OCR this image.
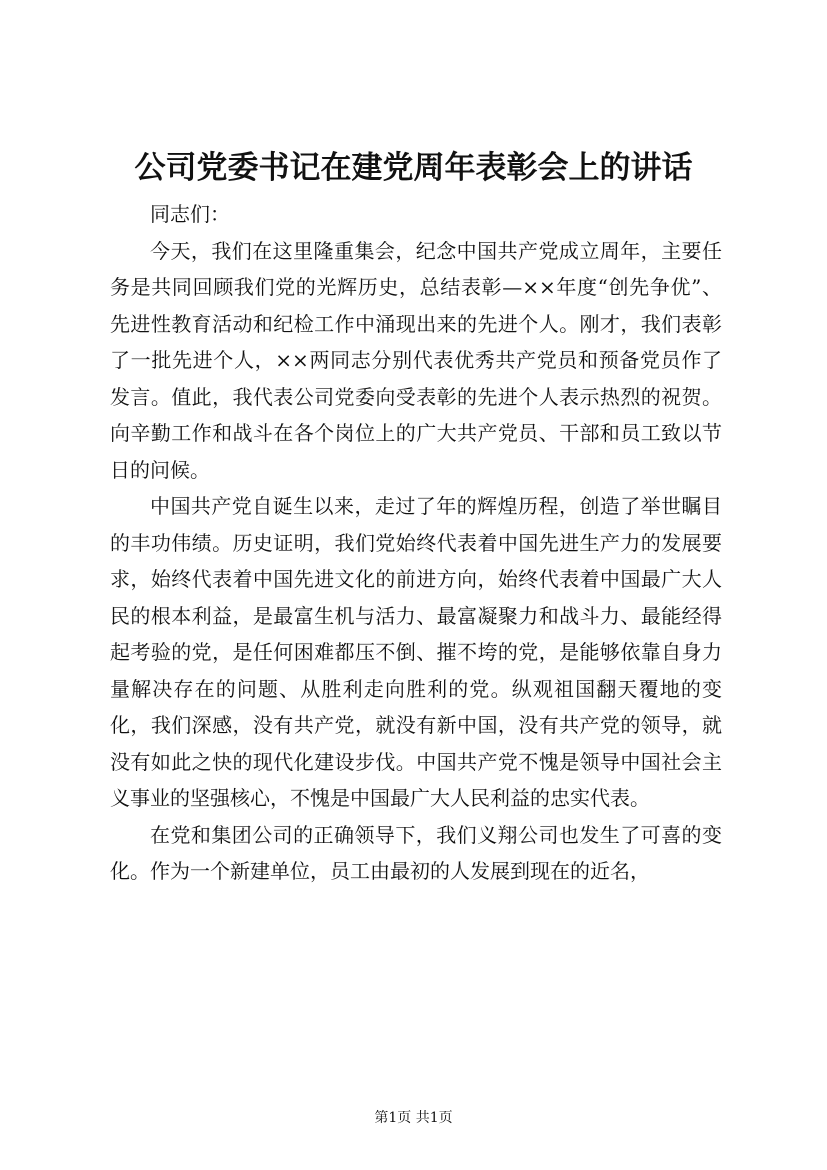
公司党委书记在建党周年表彰会上的讲话

同志们：

今天，我们在这里隆重集会，纪念中国共产党成立周年，主要任务是共同回顾我们党的光辉历史，总结表彰—××年度“创先争优”、先进性教育活动和纪检工作中涌现出来的先进个人。刚才，我们表彰了一批先进个人，××两同志分别代表优秀共产党员和预备党员作了发言。值此，我代表公司党委向受表彰的先进个人表示热烈的祝贺。向辛勤工作和战斗在各个岗位上的广大共产党员、干部和员工致以节日的问候。

中国共产党自诞生以来，走过了年的辉煌历程，创造了举世瞩目的丰功伟绩。历史证明，我们党始终代表着中国先进生产力的发展要求，始终代表着中国先进文化的前进方向，始终代表着中国最广大人民的根本利益，是最富生机与活力、最富凝聚力和战斗力、最能经得起考验的党，是任何困难都压不倒、摧不垮的党，是能够依靠自身力量解决存在的问题、从胜利走向胜利的党。纵观祖国翻天覆地的变化，我们深感，没有共产党，就没有新中国，没有共产党的领导，就没有如此之快的现代化建设步伐。中国共产党不愧是领导中国社会主义事业的坚强核心，不愧是中国最广大人民利益的忠实代表。

在党和集团公司的正确领导下，我们义翔公司也发生了可喜的变化。作为一个新建单位，员工由最初的人发展到现在的近名，

第1页 共1页
